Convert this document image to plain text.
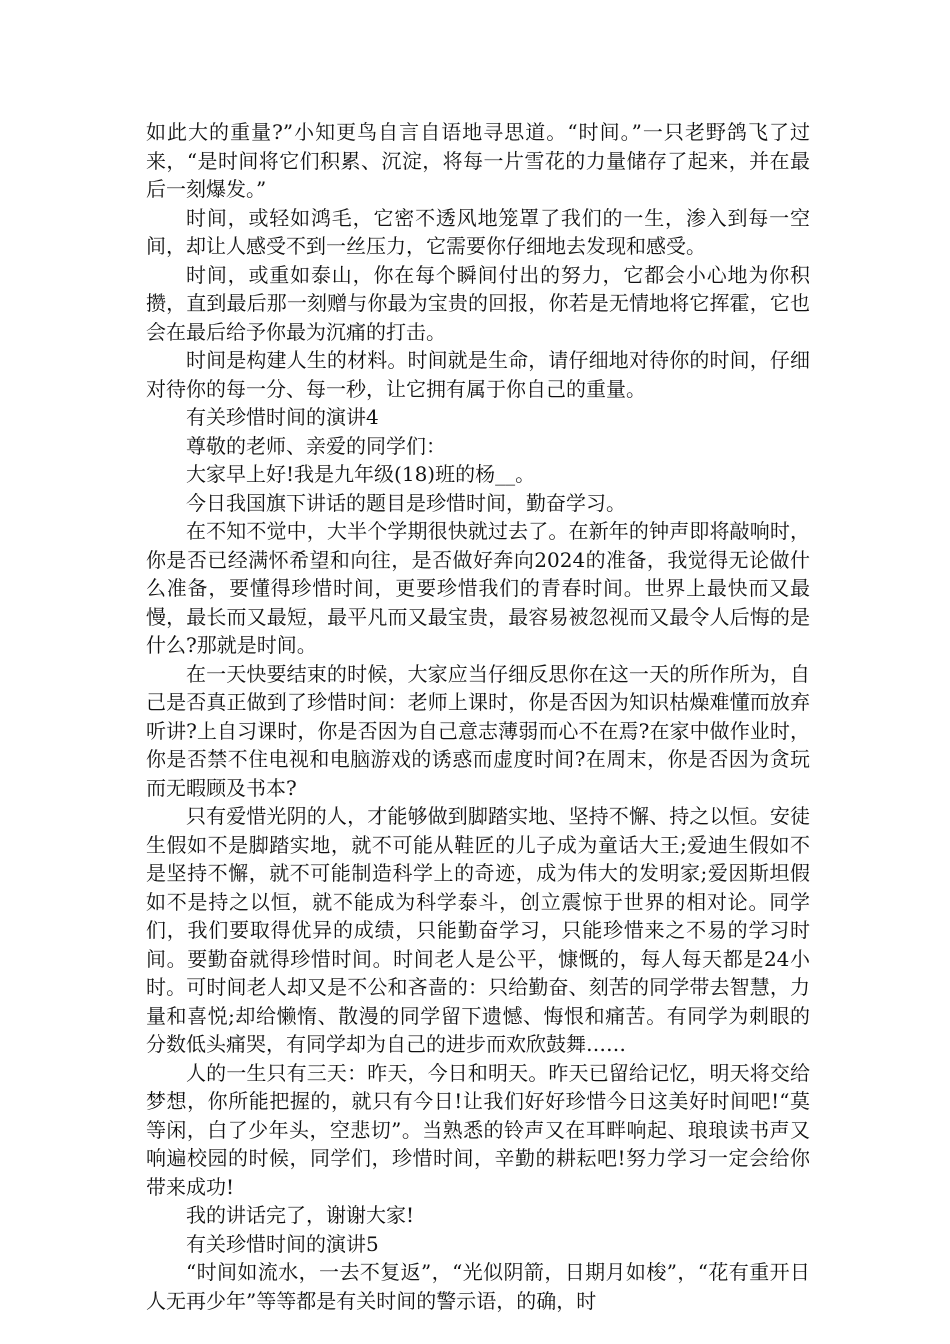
如此大的重量?”小知更鸟自言自语地寻思道。“时间。”一只老野鸽飞了过来，“是时间将它们积累、沉淀，将每一片雪花的力量储存了起来，并在最后一刻爆发。”

时间，或轻如鸿毛，它密不透风地笼罩了我们的一生，渗入到每一空间，却让人感受不到一丝压力，它需要你仔细地去发现和感受。

时间，或重如泰山，你在每个瞬间付出的努力，它都会小心地为你积攒，直到最后那一刻赠与你最为宝贵的回报，你若是无情地将它挥霍，它也会在最后给予你最为沉痛的打击。

时间是构建人生的材料。时间就是生命，请仔细地对待你的时间，仔细对待你的每一分、每一秒，让它拥有属于你自己的重量。

有关珍惜时间的演讲4

尊敬的老师、亲爱的同学们：

大家早上好!我是九年级(18)班的杨__。

今日我国旗下讲话的题目是珍惜时间，勤奋学习。

在不知不觉中，大半个学期很快就过去了。在新年的钟声即将敲响时，你是否已经满怀希望和向往，是否做好奔向2024的准备，我觉得无论做什么准备，要懂得珍惜时间，更要珍惜我们的青春时间。世界上最快而又最慢，最长而又最短，最平凡而又最宝贵，最容易被忽视而又最令人后悔的是什么?那就是时间。

在一天快要结束的时候，大家应当仔细反思你在这一天的所作所为，自己是否真正做到了珍惜时间：老师上课时，你是否因为知识枯燥难懂而放弃听讲?上自习课时，你是否因为自己意志薄弱而心不在焉?在家中做作业时，你是否禁不住电视和电脑游戏的诱惑而虚度时间?在周末，你是否因为贪玩而无暇顾及书本?

只有爱惜光阴的人，才能够做到脚踏实地、坚持不懈、持之以恒。安徒生假如不是脚踏实地，就不可能从鞋匠的儿子成为童话大王;爱迪生假如不是坚持不懈，就不可能制造科学上的奇迹，成为伟大的发明家;爱因斯坦假如不是持之以恒，就不能成为科学泰斗，创立震惊于世界的相对论。同学们，我们要取得优异的成绩，只能勤奋学习，只能珍惜来之不易的学习时间。要勤奋就得珍惜时间。时间老人是公平，慷慨的，每人每天都是24小时。可时间老人却又是不公和吝啬的：只给勤奋、刻苦的同学带去智慧，力量和喜悦;却给懒惰、散漫的同学留下遗憾、悔恨和痛苦。有同学为刺眼的分数低头痛哭，有同学却为自己的进步而欢欣鼓舞……

人的一生只有三天：昨天，今日和明天。昨天已留给记忆，明天将交给梦想，你所能把握的，就只有今日!让我们好好珍惜今日这美好时间吧!“莫等闲，白了少年头，空悲切”。当熟悉的铃声又在耳畔响起、琅琅读书声又响遍校园的时候，同学们，珍惜时间，辛勤的耕耘吧!努力学习一定会给你带来成功!

我的讲话完了，谢谢大家!

有关珍惜时间的演讲5

“时间如流水，一去不复返”，“光似阴箭，日期月如梭”，“花有重开日人无再少年”等等都是有关时间的警示语，的确，时
